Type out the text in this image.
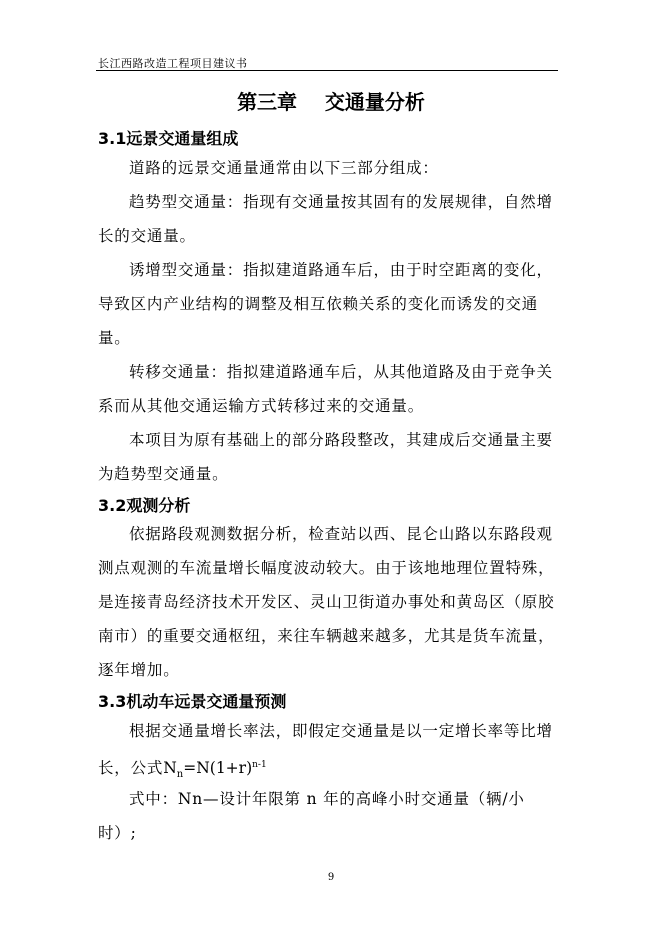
长江西路改造工程项目建议书
第三章    交通量分析
3.1远景交通量组成

道路的远景交通量通常由以下三部分组成：

趋势型交通量：指现有交通量按其固有的发展规律，自然增长的交通量。

诱增型交通量：指拟建道路通车后，由于时空距离的变化，导致区内产业结构的调整及相互依赖关系的变化而诱发的交通量。

转移交通量：指拟建道路通车后，从其他道路及由于竞争关系而从其他交通运输方式转移过来的交通量。

本项目为原有基础上的部分路段整改，其建成后交通量主要为趋势型交通量。

3.2观测分析

依据路段观测数据分析，检查站以西、昆仑山路以东路段观测点观测的车流量增长幅度波动较大。由于该地地理位置特殊，是连接青岛经济技术开发区、灵山卫街道办事处和黄岛区（原胶南市）的重要交通枢纽，来往车辆越来越多，尤其是货车流量，逐年增加。

3.3机动车远景交通量预测
根据交通量增长率法，即假定交通量是以一定增长率等比增长，公式$N_n=N(1+r)^{n-1}$

式中：Nn—设计年限第 n 年的高峰小时交通量（辆/小时）;

9
